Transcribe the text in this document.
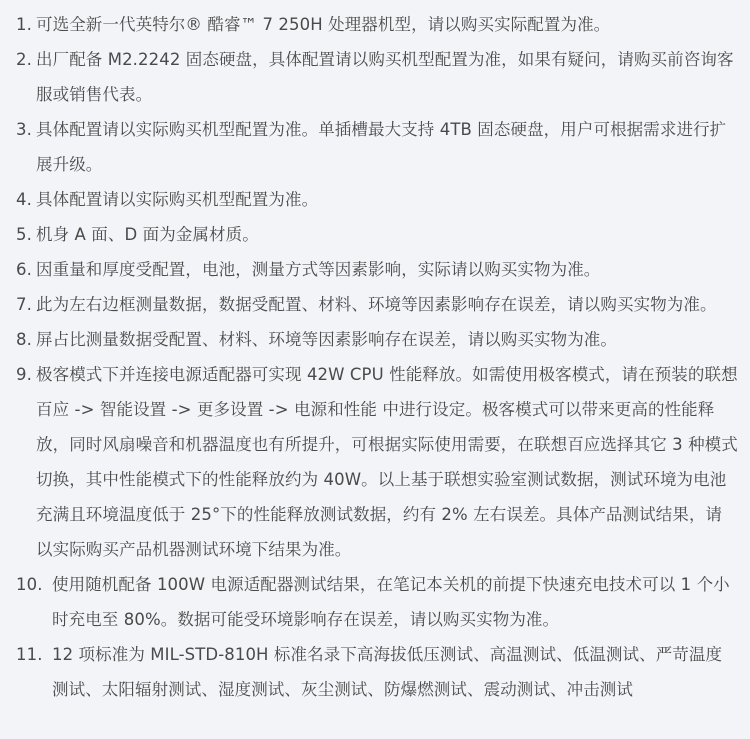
1. 可选全新一代英特尔® 酷睿™ 7 250H 处理器机型，请以购买实际配置为准。
2. 出厂配备 M2.2242 固态硬盘，具体配置请以购买机型配置为准，如果有疑问，请购买前咨询客服或销售代表。
3. 具体配置请以实际购买机型配置为准。单插槽最大支持 4TB 固态硬盘，用户可根据需求进行扩展升级。
4. 具体配置请以实际购买机型配置为准。
5. 机身 A 面、D 面为金属材质。
6. 因重量和厚度受配置，电池，测量方式等因素影响，实际请以购买实物为准。
7. 此为左右边框测量数据，数据受配置、材料、环境等因素影响存在误差，请以购买实物为准。
8. 屏占比测量数据受配置、材料、环境等因素影响存在误差，请以购买实物为准。
9. 极客模式下并连接电源适配器可实现 42W CPU 性能释放。如需使用极客模式，请在预装的联想百应 -> 智能设置 -> 更多设置 -> 电源和性能 中进行设定。极客模式可以带来更高的性能释放，同时风扇噪音和机器温度也有所提升，可根据实际使用需要，在联想百应选择其它 3 种模式切换，其中性能模式下的性能释放约为 40W。以上基于联想实验室测试数据，测试环境为电池充满且环境温度低于 25°下的性能释放测试数据，约有 2% 左右误差。具体产品测试结果，请以实际购买产品机器测试环境下结果为准。
10. 使用随机配备 100W 电源适配器测试结果，在笔记本关机的前提下快速充电技术可以 1 个小时充电至 80%。数据可能受环境影响存在误差，请以购买实物为准。
11. 12 项标准为 MIL-STD-810H 标准名录下高海拔低压测试、高温测试、低温测试、严苛温度测试、太阳辐射测试、湿度测试、灰尘测试、防爆燃测试、震动测试、冲击测试
